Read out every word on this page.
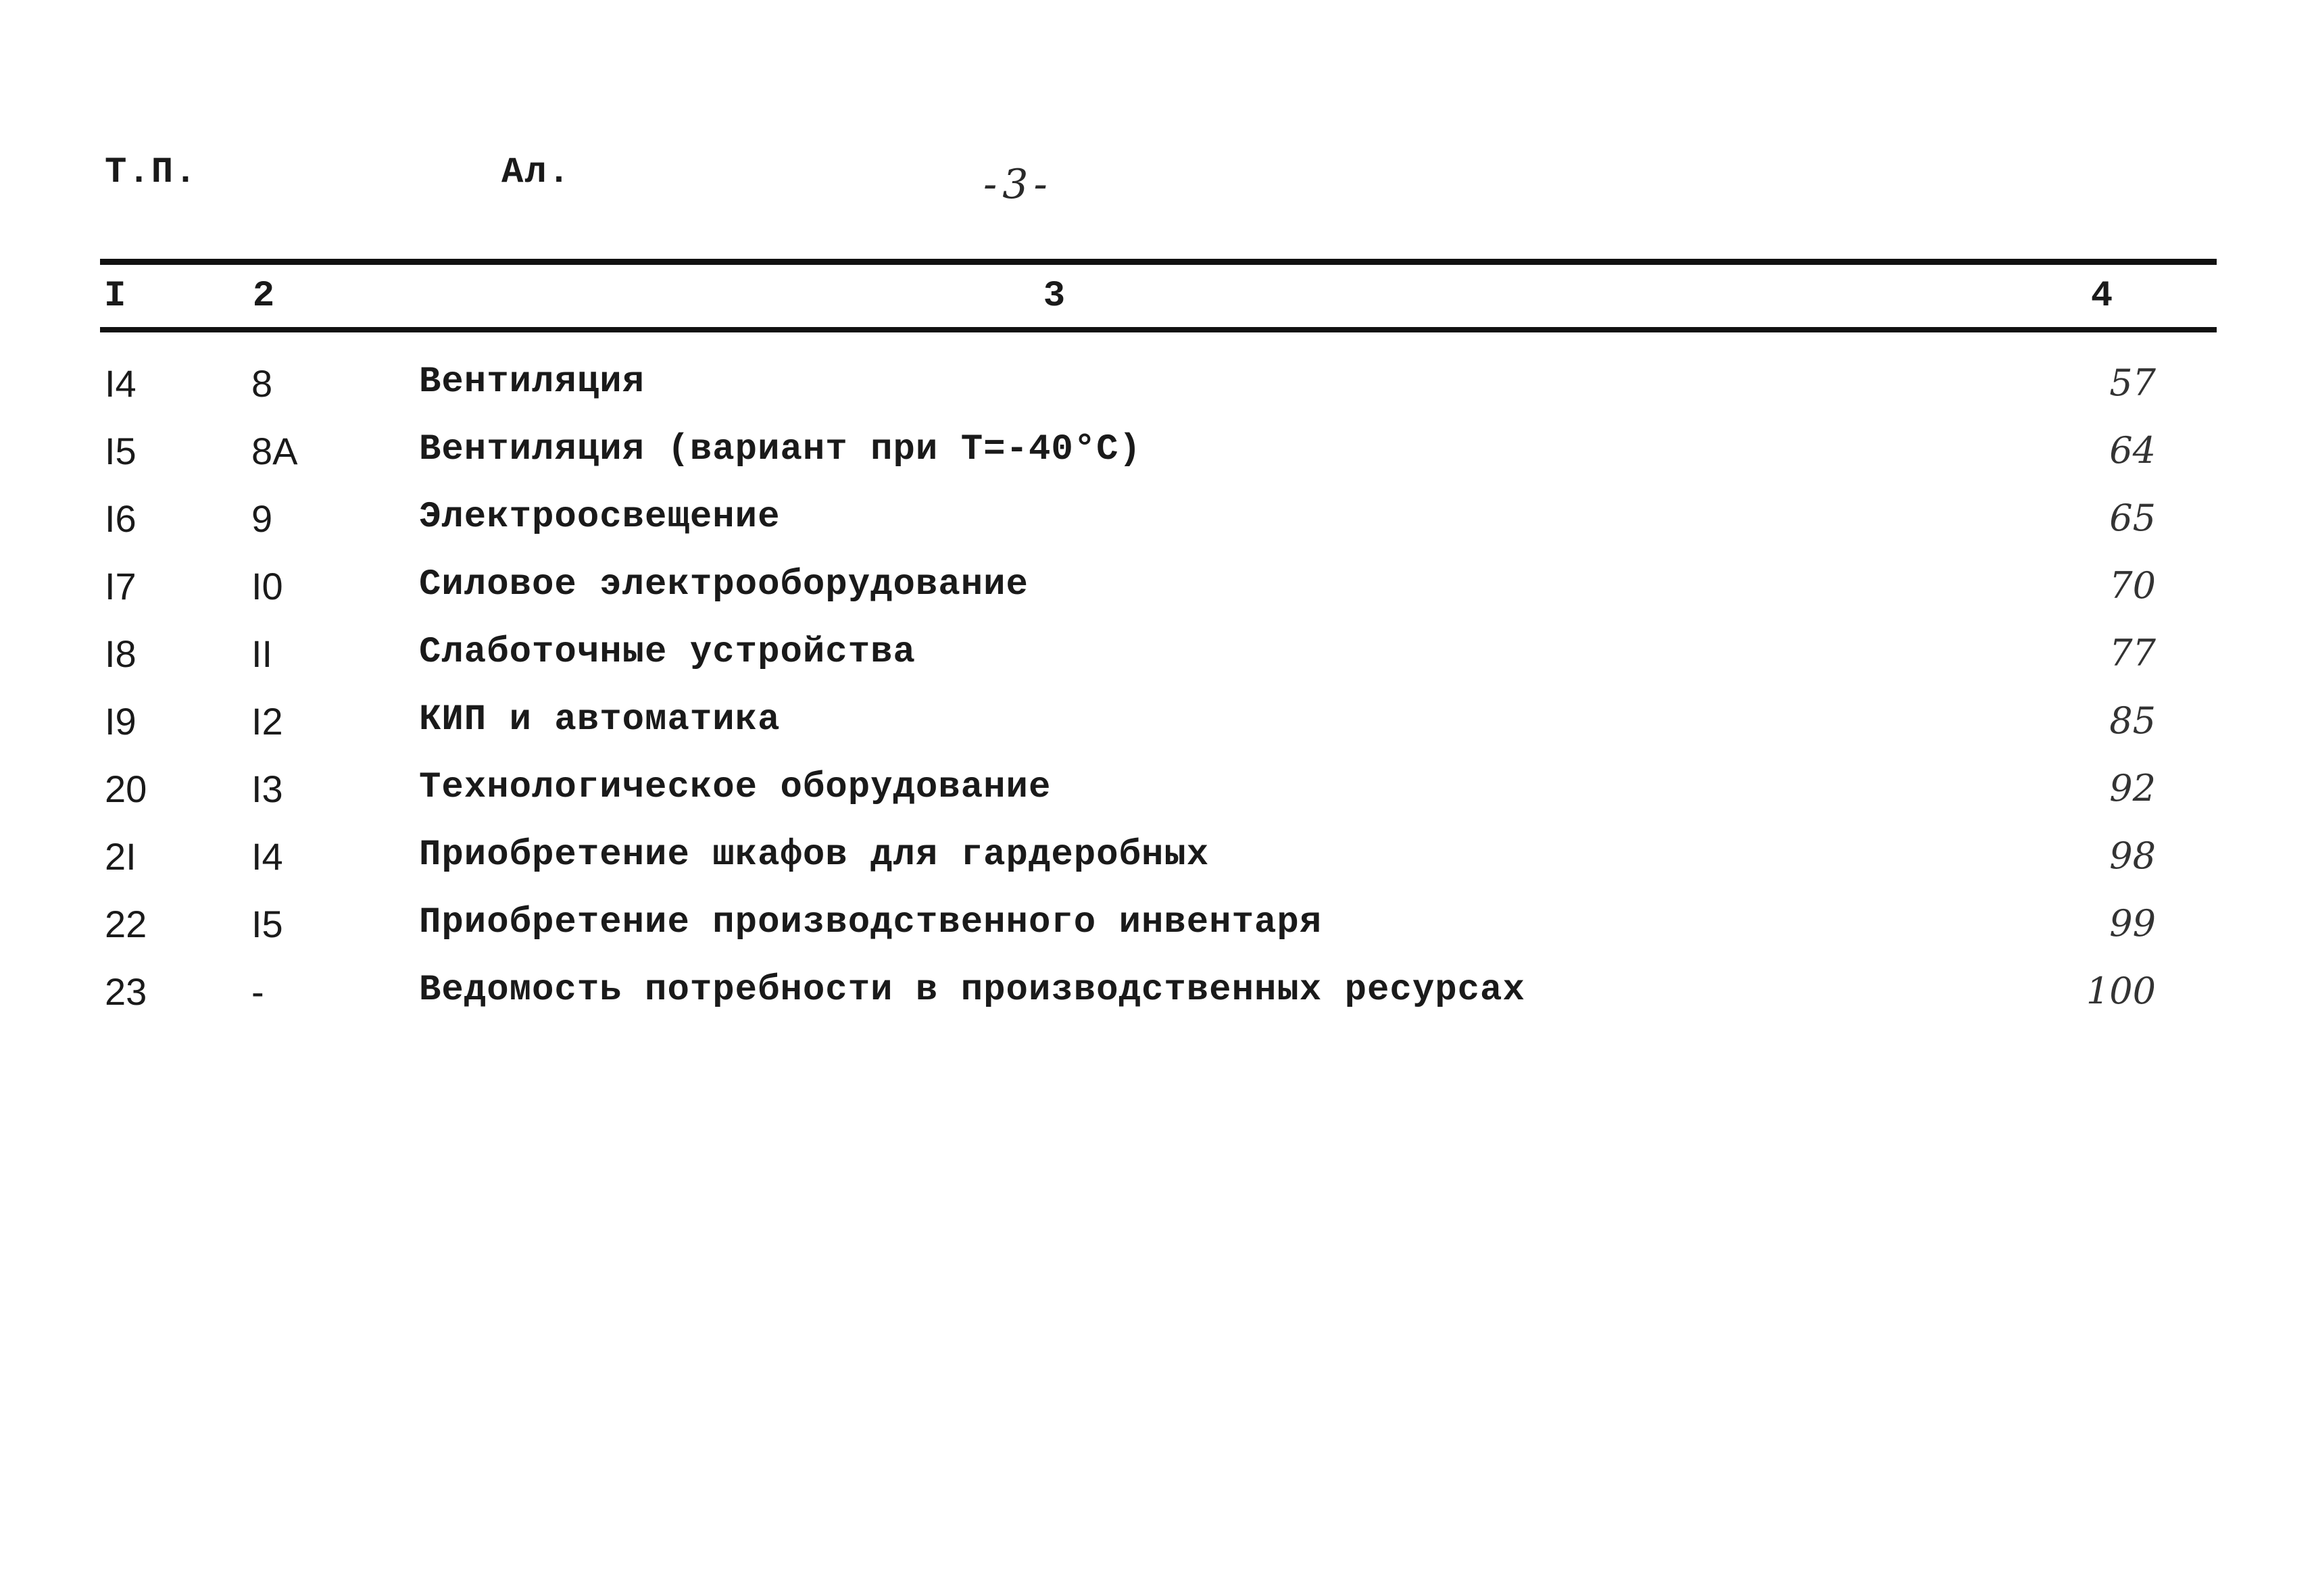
Т.П.	Ал.	-3-
I	2	3	4
I4	8	Вентиляция	57
I5	8А	Вентиляция (вариант при Т=-40°С)	64
I6	9	Электроосвещение	65
I7	I0	Силовое электрооборудование	70
I8	II	Слаботочные устройства	77
I9	I2	КИП и автоматика	85
20	I3	Технологическое оборудование	92
2I	I4	Приобретение шкафов для гардеробных	98
22	I5	Приобретение производственного инвентаря	99
23	-	Ведомость потребности в производственных ресурсах	100
